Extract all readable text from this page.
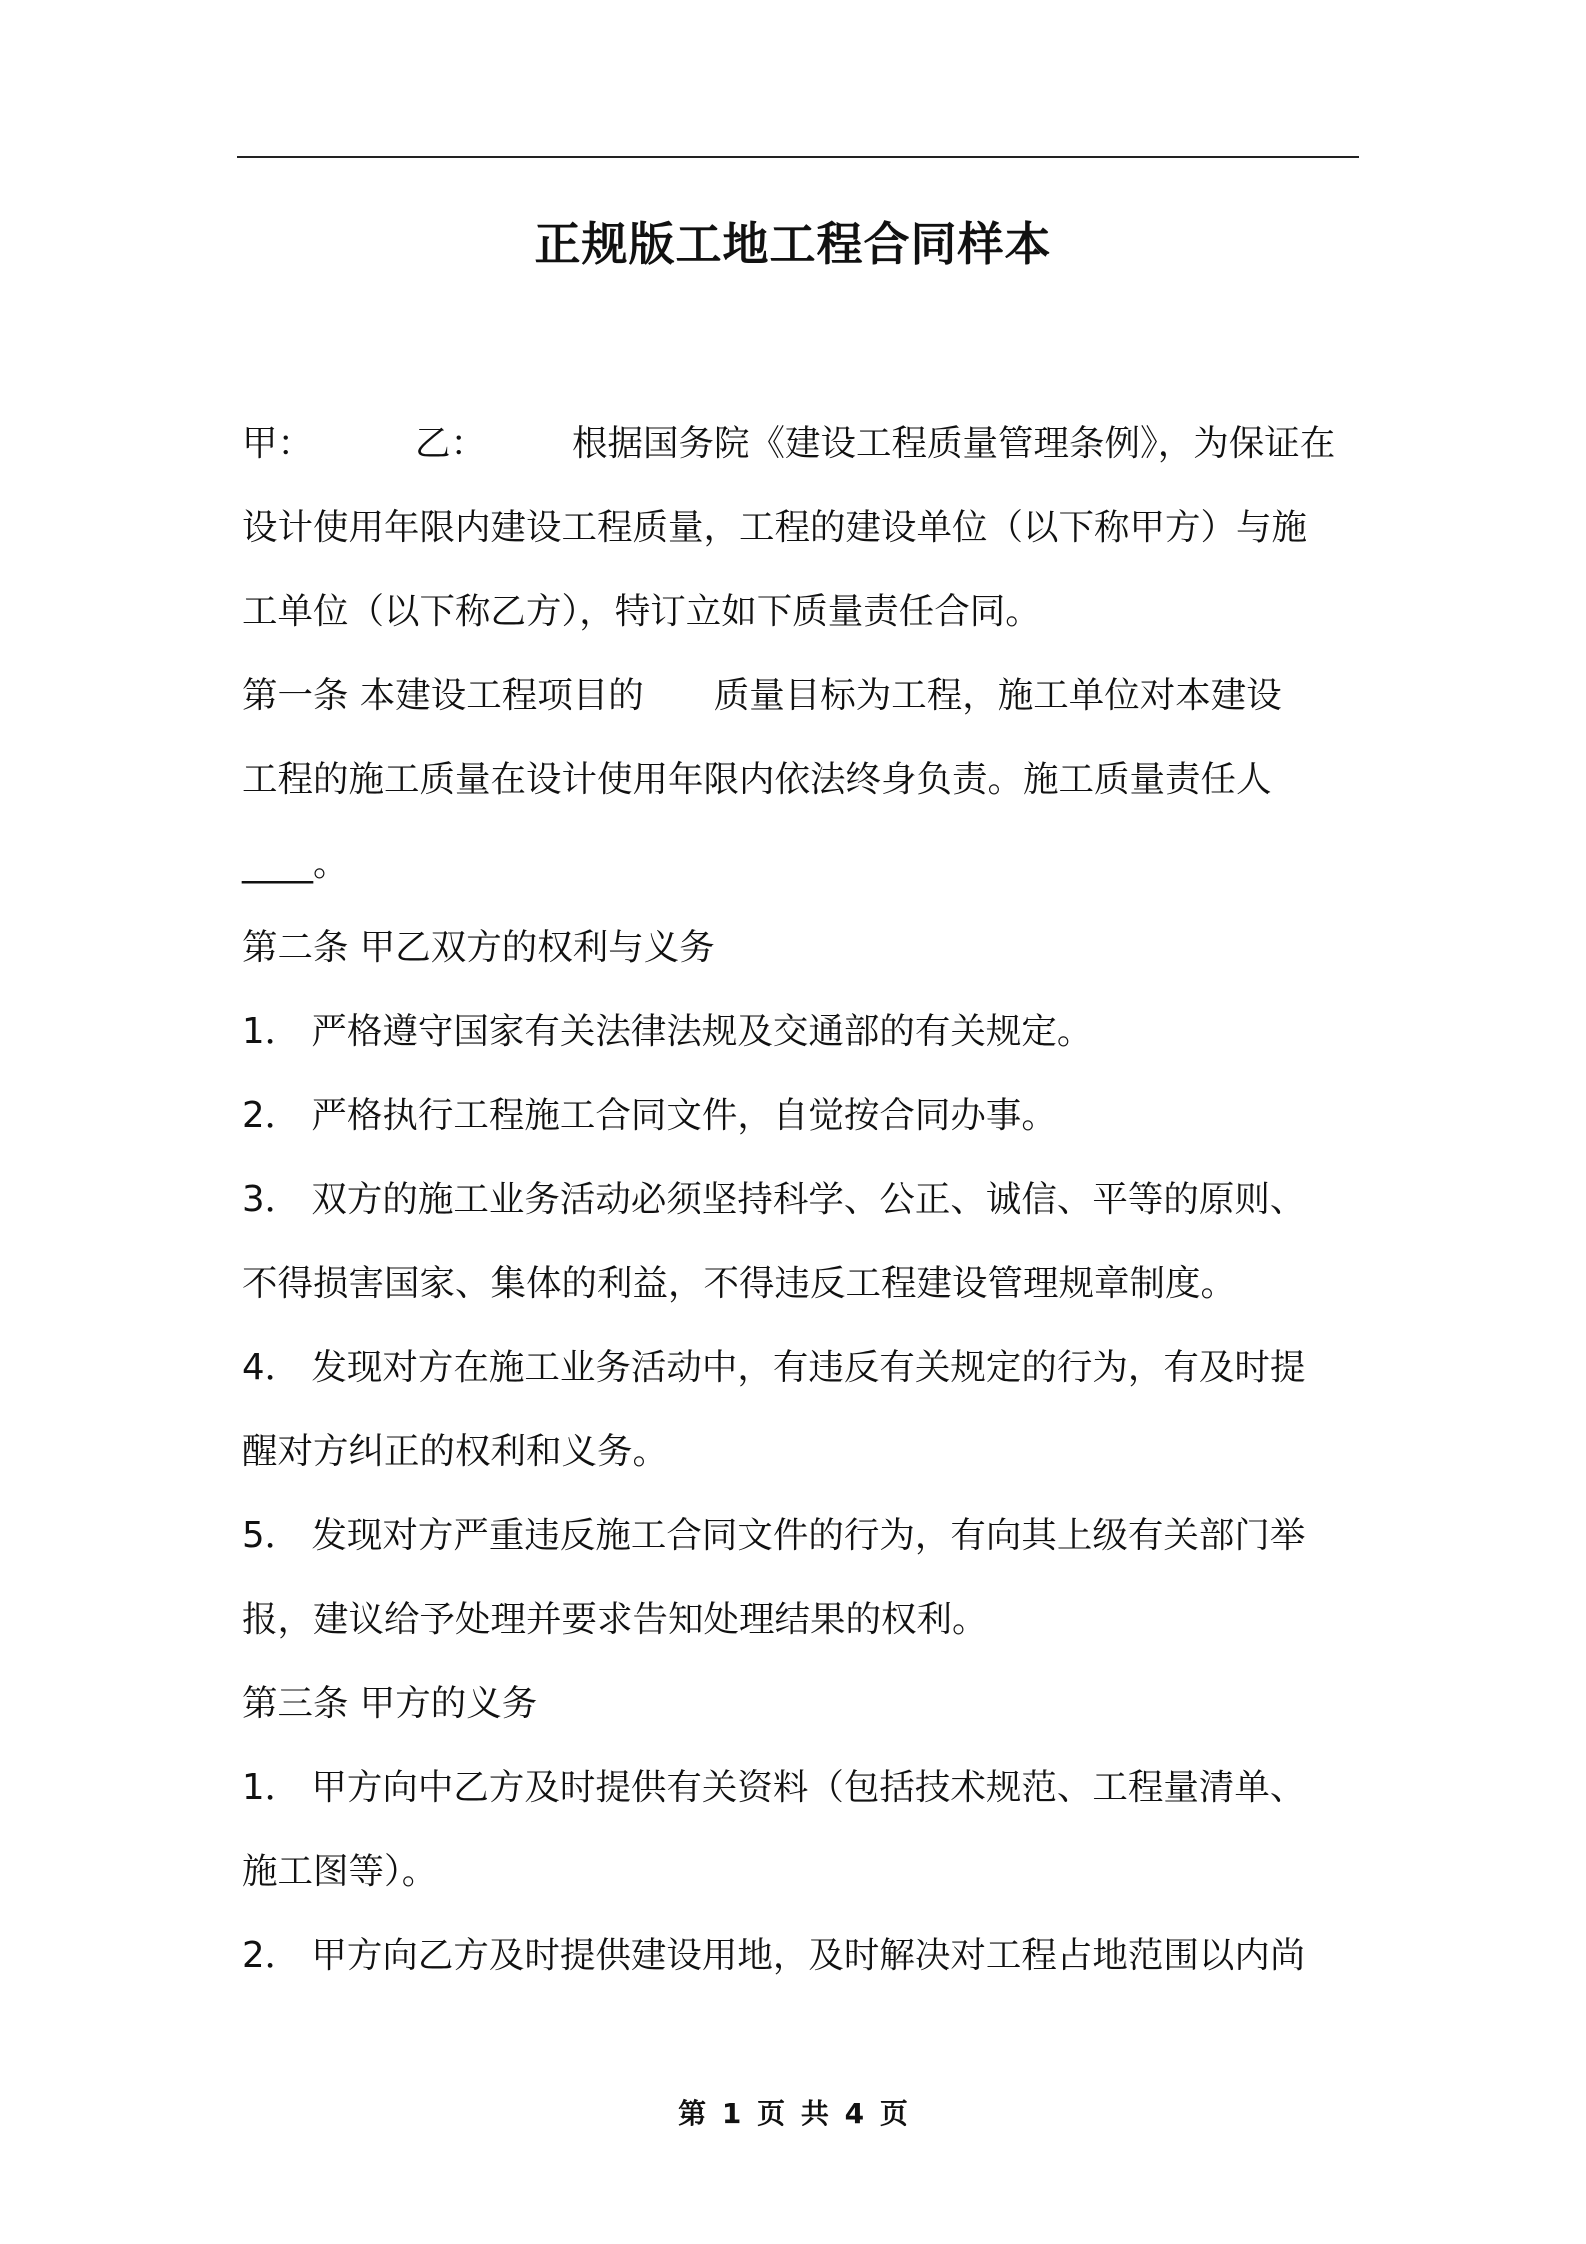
正规版工地工程合同样本
甲：	乙： 根据国务院《建设工程质量管理条例》，为保证在
设计使用年限内建设工程质量，工程的建设单位（以下称甲方）与施
工单位（以下称乙方），特订立如下质量责任合同。
第一条 本建设工程项目的 质量目标为工程，施工单位对本建设
工程的施工质量在设计使用年限内依法终身负责。施工质量责任人
____。
第二条 甲乙双方的权利与义务
1． 严格遵守国家有关法律法规及交通部的有关规定。
2． 严格执行工程施工合同文件，自觉按合同办事。
3． 双方的施工业务活动必须坚持科学、公正、诚信、平等的原则、
不得损害国家、集体的利益，不得违反工程建设管理规章制度。
4． 发现对方在施工业务活动中，有违反有关规定的行为，有及时提
醒对方纠正的权利和义务。
5． 发现对方严重违反施工合同文件的行为，有向其上级有关部门举
报，建议给予处理并要求告知处理结果的权利。
第三条 甲方的义务
1． 甲方向中乙方及时提供有关资料（包括技术规范、工程量清单、
施工图等）。
2． 甲方向乙方及时提供建设用地，及时解决对工程占地范围以内尚
第 1 页 共 4 页
